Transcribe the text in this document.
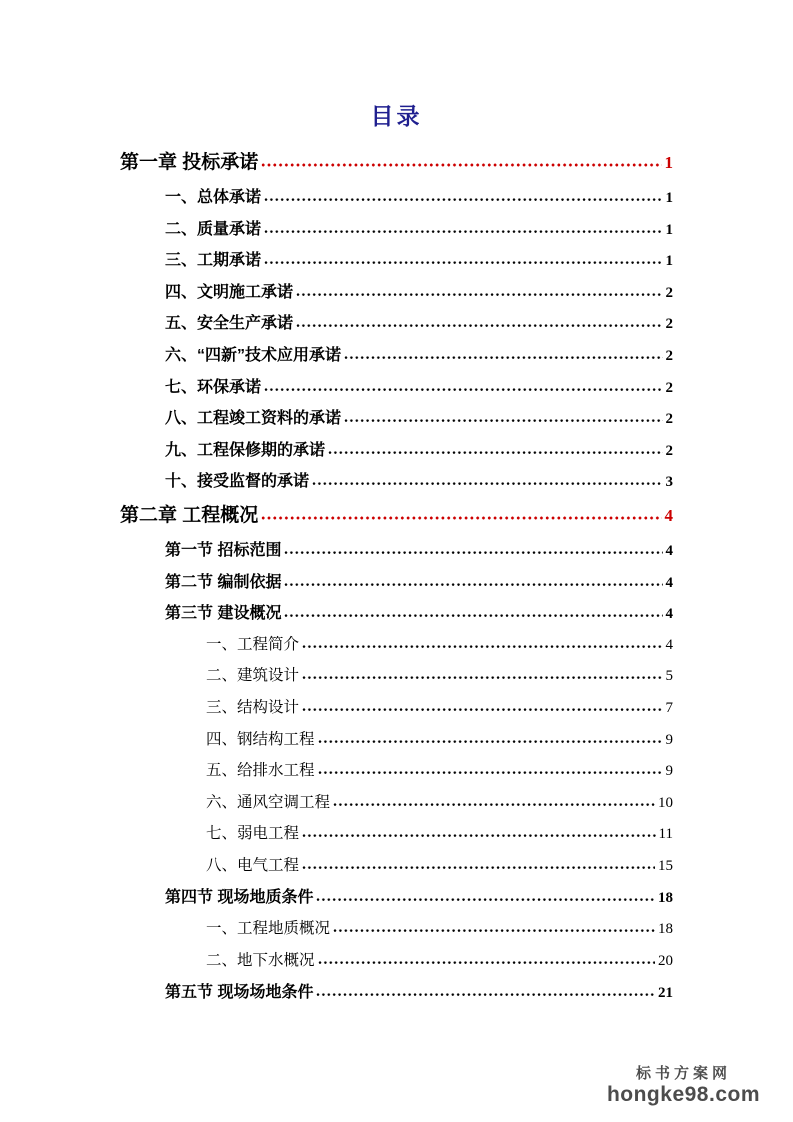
目录
第一章 投标承诺	1
一、总体承诺	1
二、质量承诺	1
三、工期承诺	1
四、文明施工承诺	2
五、安全生产承诺	2
六、“四新”技术应用承诺	2
七、环保承诺	2
八、工程竣工资料的承诺	2
九、工程保修期的承诺	2
十、接受监督的承诺	3
第二章 工程概况	4
第一节 招标范围	4
第二节 编制依据	4
第三节 建设概况	4
一、工程简介	4
二、建筑设计	5
三、结构设计	7
四、钢结构工程	9
五、给排水工程	9
六、通风空调工程	10
七、弱电工程	11
八、电气工程	15
第四节 现场地质条件	18
一、工程地质概况	18
二、地下水概况	20
第五节 现场场地条件	21
标书方案网
hongke98.com
